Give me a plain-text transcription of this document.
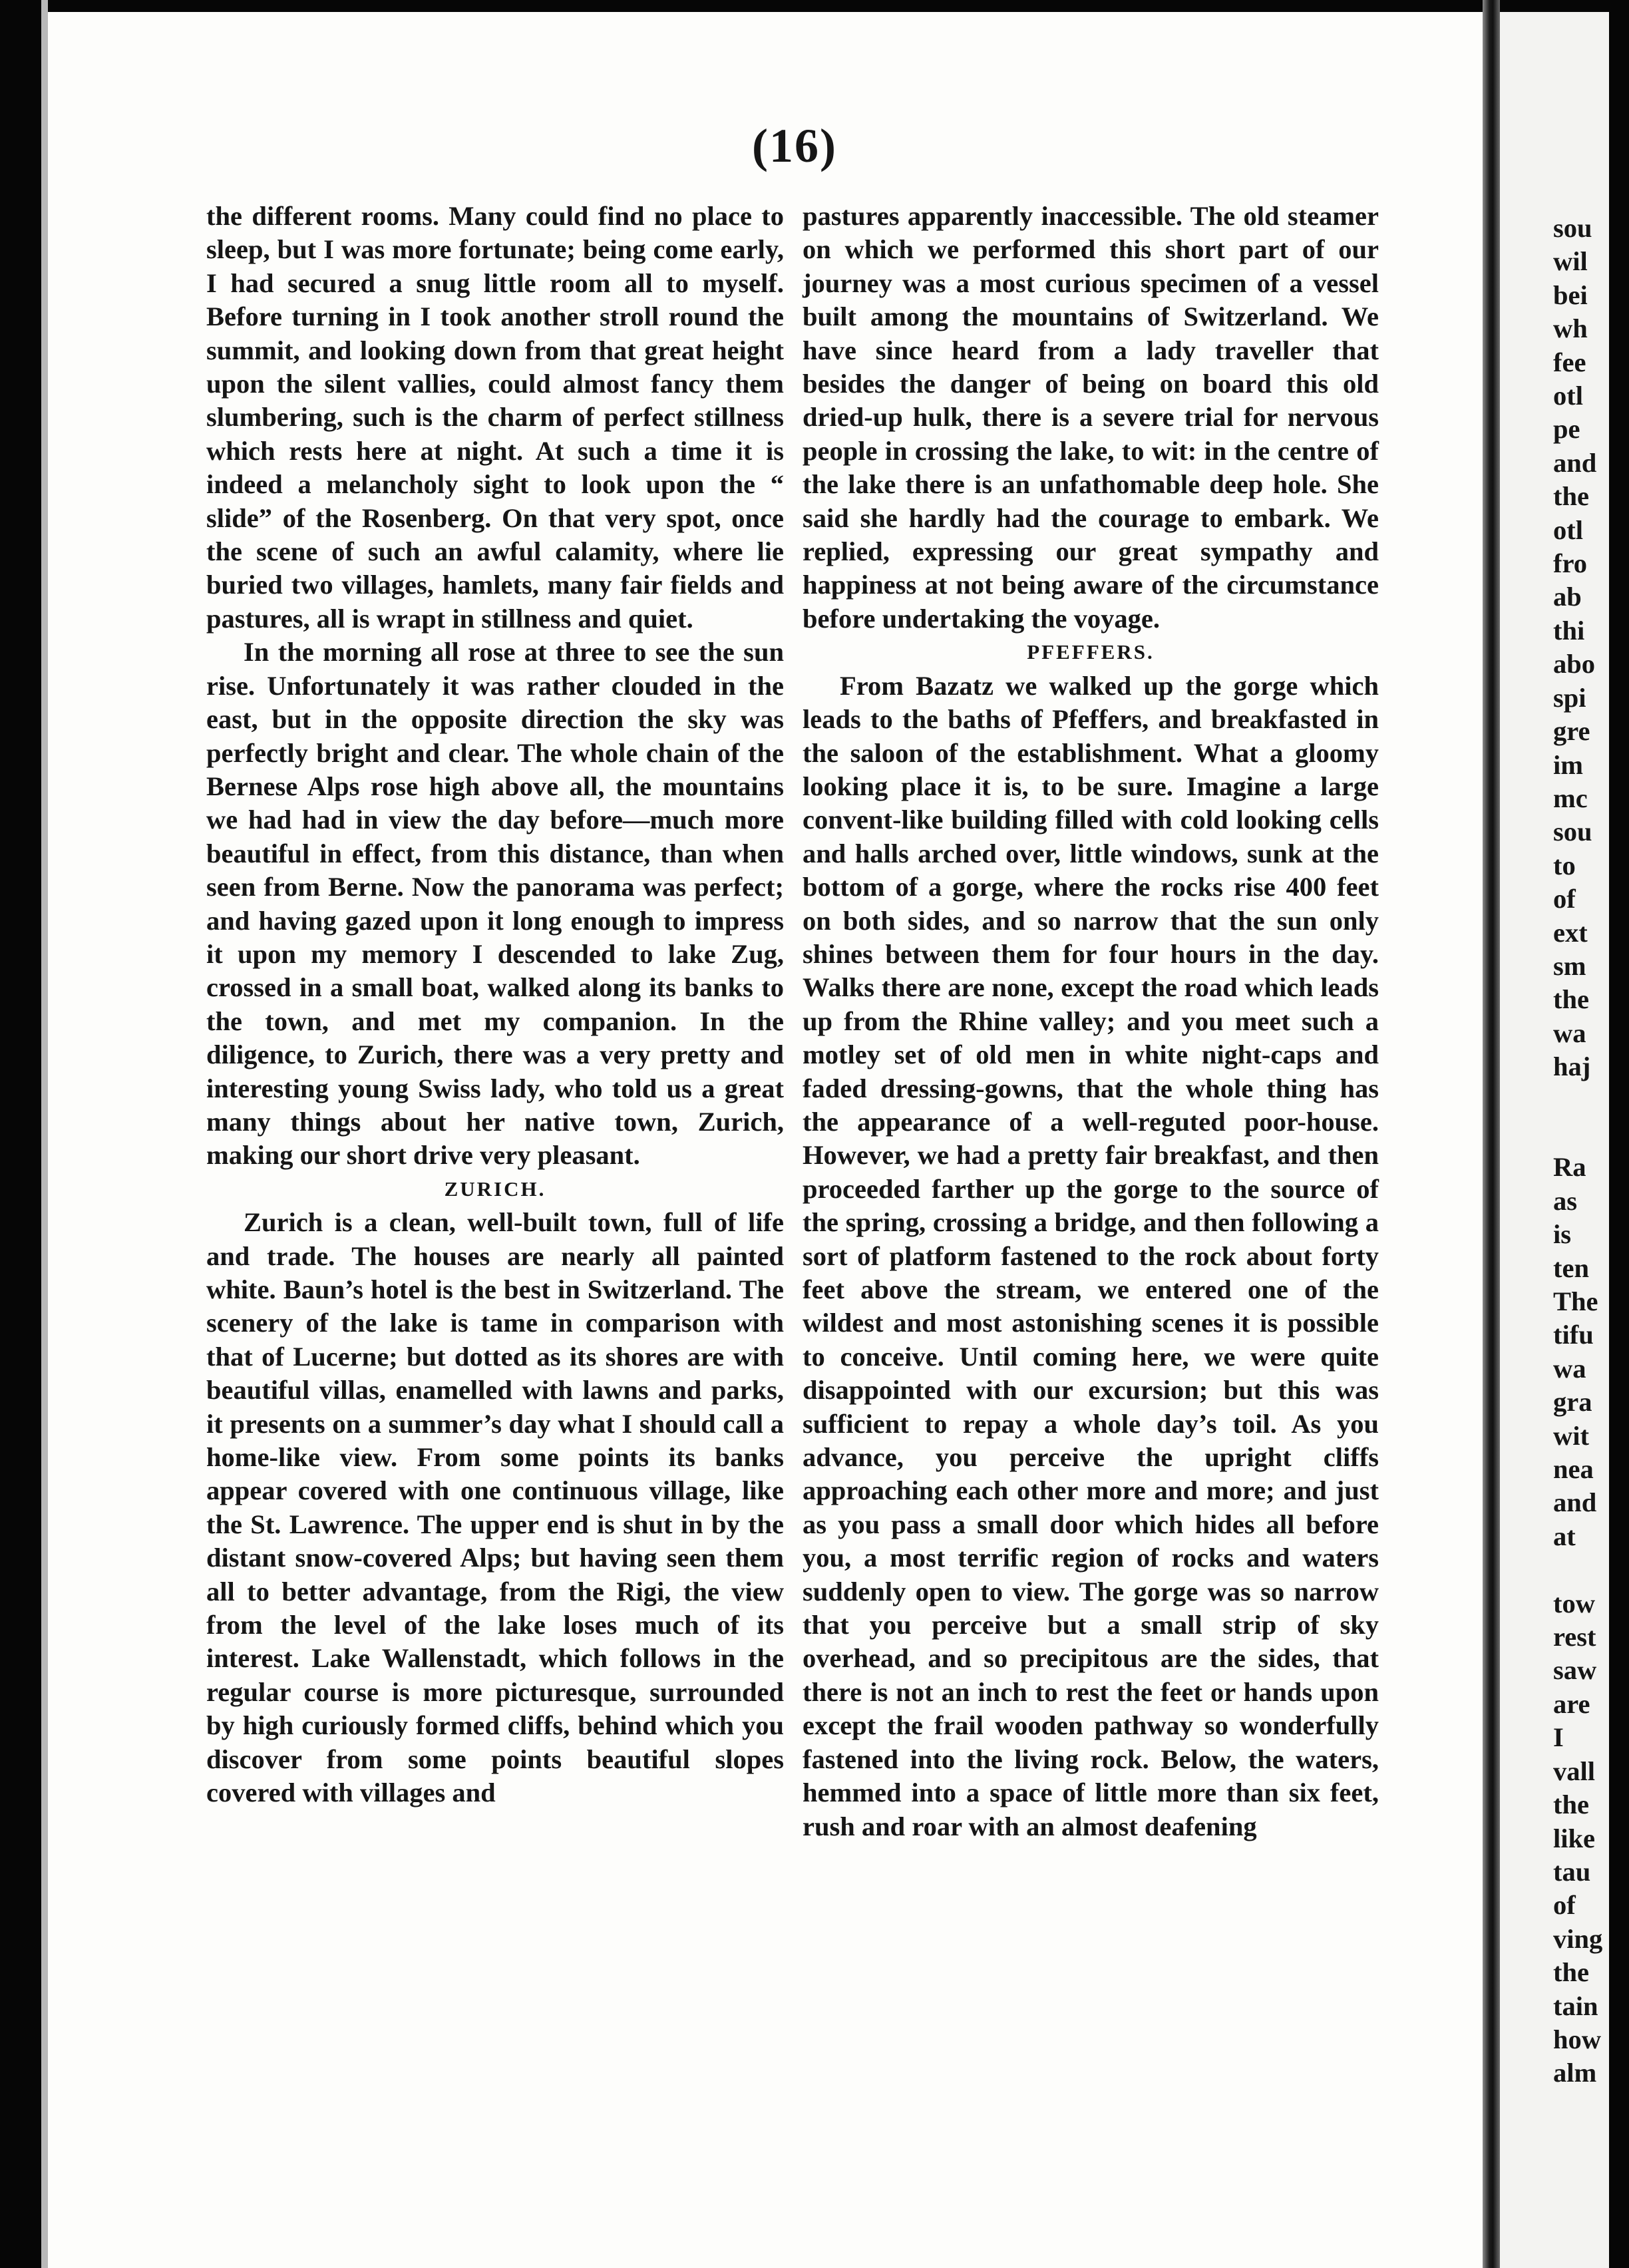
(16)

the different rooms. Many could find no place to sleep, but I was more fortunate; being come early, I had secured a snug little room all to myself. Before turning in I took another stroll round the summit, and looking down from that great height upon the silent vallies, could almost fancy them slumbering, such is the charm of perfect stillness which rests here at night. At such a time it is indeed a melancholy sight to look upon the “ slide” of the Rosenberg. On that very spot, once the scene of such an awful calamity, where lie buried two villages, hamlets, many fair fields and pastures, all is wrapt in stillness and quiet.

In the morning all rose at three to see the sun rise. Unfortunately it was rather clouded in the east, but in the opposite direction the sky was perfectly bright and clear. The whole chain of the Bernese Alps rose high above all, the mountains we had had in view the day before—much more beautiful in effect, from this distance, than when seen from Berne. Now the panorama was perfect; and having gazed upon it long enough to impress it upon my memory I descended to lake Zug, crossed in a small boat, walked along its banks to the town, and met my companion. In the diligence, to Zurich, there was a very pretty and interesting young Swiss lady, who told us a great many things about her native town, Zurich, making our short drive very pleasant.

ZURICH.

Zurich is a clean, well-built town, full of life and trade. The houses are nearly all painted white. Baun’s hotel is the best in Switzerland. The scenery of the lake is tame in comparison with that of Lucerne; but dotted as its shores are with beautiful villas, enamelled with lawns and parks, it presents on a summer’s day what I should call a home-like view. From some points its banks appear covered with one continuous village, like the St. Lawrence. The upper end is shut in by the distant snow-covered Alps; but having seen them all to better advantage, from the Rigi, the view from the level of the lake loses much of its interest. Lake Wallenstadt, which follows in the regular course is more picturesque, surrounded by high curiously formed cliffs, behind which you discover from some points beautiful slopes covered with villages and

pastures apparently inaccessible. The old steamer on which we performed this short part of our journey was a most curious specimen of a vessel built among the mountains of Switzerland. We have since heard from a lady traveller that besides the danger of being on board this old dried-up hulk, there is a severe trial for nervous people in crossing the lake, to wit: in the centre of the lake there is an unfathomable deep hole. She said she hardly had the courage to embark. We replied, expressing our great sympathy and happiness at not being aware of the circumstance before undertaking the voyage.

PFEFFERS.

From Bazatz we walked up the gorge which leads to the baths of Pfeffers, and breakfasted in the saloon of the establishment. What a gloomy looking place it is, to be sure. Imagine a large convent-like building filled with cold looking cells and halls arched over, little windows, sunk at the bottom of a gorge, where the rocks rise 400 feet on both sides, and so narrow that the sun only shines between them for four hours in the day. Walks there are none, except the road which leads up from the Rhine valley; and you meet such a motley set of old men in white night-caps and faded dressing-gowns, that the whole thing has the appearance of a well-reguted poor-house. However, we had a pretty fair breakfast, and then proceeded farther up the gorge to the source of the spring, crossing a bridge, and then following a sort of platform fastened to the rock about forty feet above the stream, we entered one of the wildest and most astonishing scenes it is possible to conceive. Until coming here, we were quite disappointed with our excursion; but this was sufficient to repay a whole day’s toil. As you advance, you perceive the upright cliffs approaching each other more and more; and just as you pass a small door which hides all before you, a most terrific region of rocks and waters suddenly open to view. The gorge was so narrow that you perceive but a small strip of sky overhead, and so precipitous are the sides, that there is not an inch to rest the feet or hands upon except the frail wooden pathway so wonderfully fastened into the living rock. Below, the waters, hemmed into a space of little more than six feet, rush and roar with an almost deafening

sou
wil
bei
wh
fee
otl
pe
and
the
otl
fro
ab
thi
abo
spi
gre
im
mc
sou
to
of
ext
sm
the
wa
haj

Ra
as
is
ten
The
tifu
wa
gra
wit
nea
and
at

tow
rest
saw
are
I
vall
the
like
tau
of
ving
the
tain
how
alm
